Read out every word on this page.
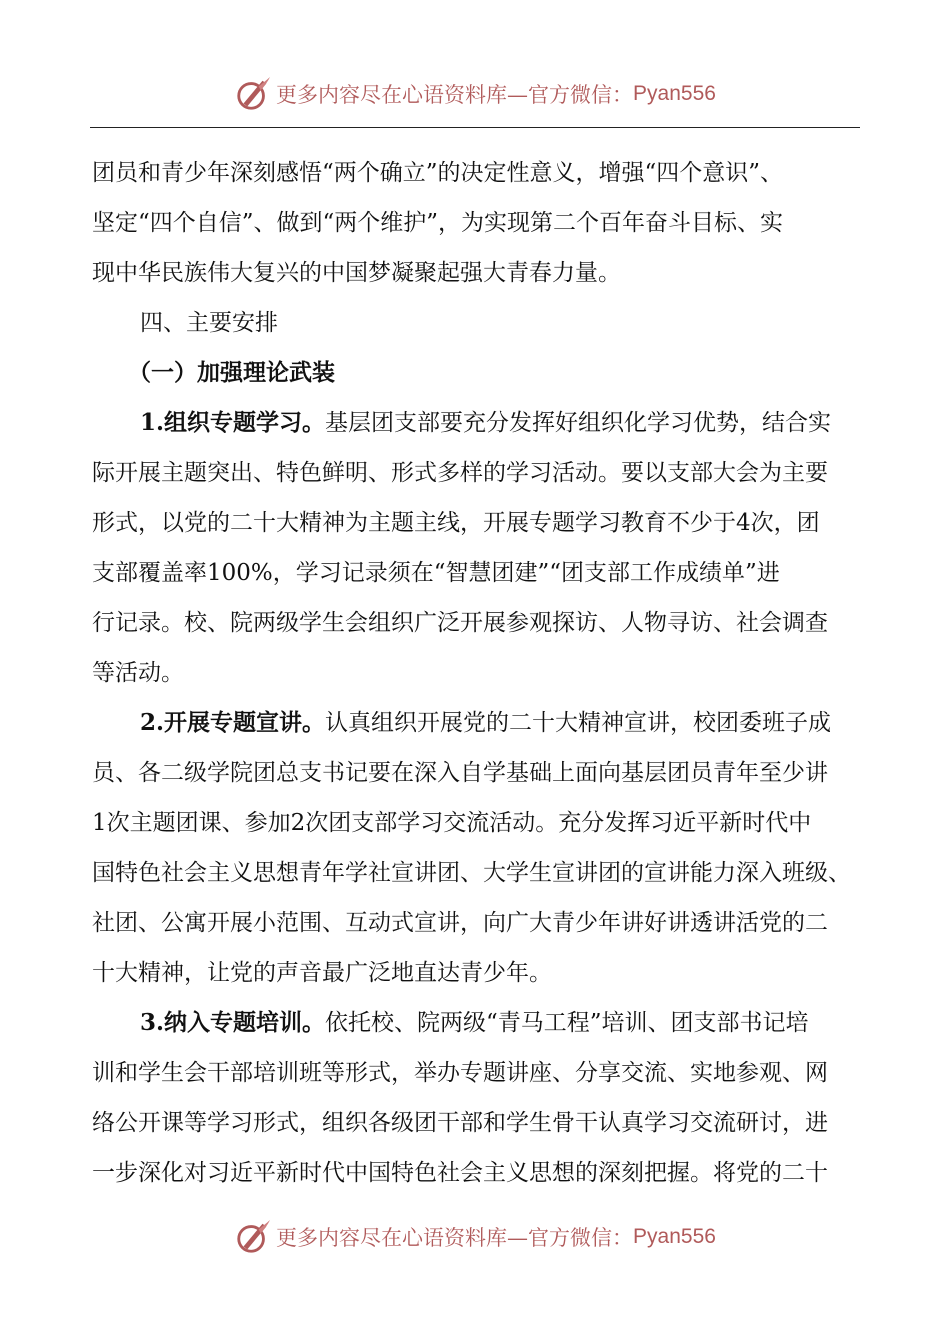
更多内容尽在心语资料库—官方微信： Pyan556
团员和青少年深刻感悟“两个确立”的决定性意义，增强“四个意识”、
坚定“四个自信”、做到“两个维护”，为实现第二个百年奋斗目标、实
现中华民族伟大复兴的中国梦凝聚起强大青春力量。
四、主要安排
（一）加强理论武装
1.组织专题学习。基层团支部要充分发挥好组织化学习优势，结合实
际开展主题突出、特色鲜明、形式多样的学习活动。要以支部大会为主要
形式，以党的二十大精神为主题主线，开展专题学习教育不少于4次，团
支部覆盖率100%，学习记录须在“智慧团建”“团支部工作成绩单”进
行记录。校、院两级学生会组织广泛开展参观探访、人物寻访、社会调查
等活动。
2.开展专题宣讲。认真组织开展党的二十大精神宣讲，校团委班子成
员、各二级学院团总支书记要在深入自学基础上面向基层团员青年至少讲
1次主题团课、参加2次团支部学习交流活动。充分发挥习近平新时代中
国特色社会主义思想青年学社宣讲团、大学生宣讲团的宣讲能力深入班级、
社团、公寓开展小范围、互动式宣讲，向广大青少年讲好讲透讲活党的二
十大精神，让党的声音最广泛地直达青少年。
3.纳入专题培训。依托校、院两级“青马工程”培训、团支部书记培
训和学生会干部培训班等形式，举办专题讲座、分享交流、实地参观、网
络公开课等学习形式，组织各级团干部和学生骨干认真学习交流研讨，进
一步深化对习近平新时代中国特色社会主义思想的深刻把握。将党的二十
更多内容尽在心语资料库—官方微信： Pyan556
